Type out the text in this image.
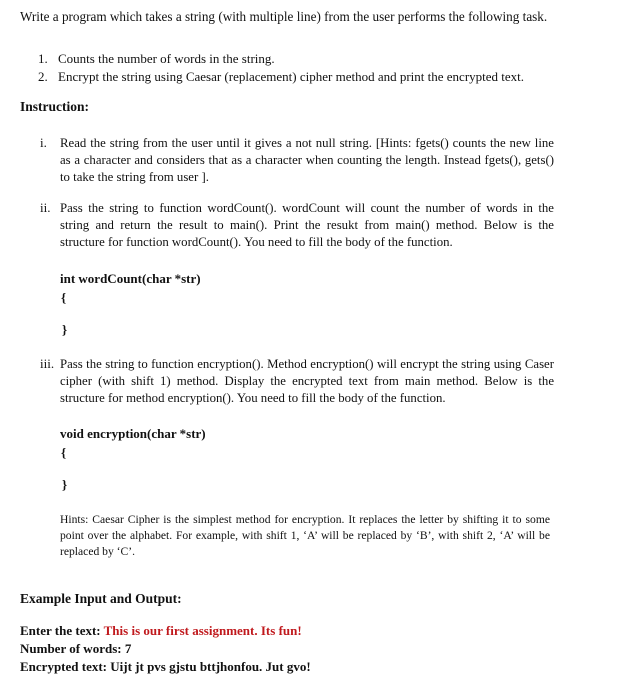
Write a program which takes a string (with multiple line) from the user performs the following task.

1. Counts the number of words in the string.
2. Encrypt the string using Caesar (replacement) cipher method and print the encrypted text.
Instruction:
i.	Read the string from the user until it gives a not null string. [Hints: fgets() counts the new line as a character and considers that as a character when counting the length. Instead fgets(), gets() to take the string from user ].
ii. Pass the string to function wordCount(). wordCount will count the number of words in the string and return the result to main(). Print the resukt from main() method. Below is the structure for function wordCount(). You need to fill the body of the function.
int wordCount(char *str)
{
}
iii. Pass the string to function encryption(). Method encryption() will encrypt the string using Caser cipher (with shift 1) method. Display the encrypted text from main method. Below is the structure for method encryption(). You need to fill the body of the function.
void encryption(char *str)
{
}

Hints: Caesar Cipher is the simplest method for encryption. It replaces the letter by shifting it to some point over the alphabet. For example, with shift 1, ‘A’ will be replaced by ‘B’, with shift 2, ‘A’ will be replaced by ‘C’.

Example Input and Output:
Enter the text: This is our first assignment. Its fun!
Number of words: 7
Encrypted text: Uijt jt pvs gjstu bttjhonfou. Jut gvo!
